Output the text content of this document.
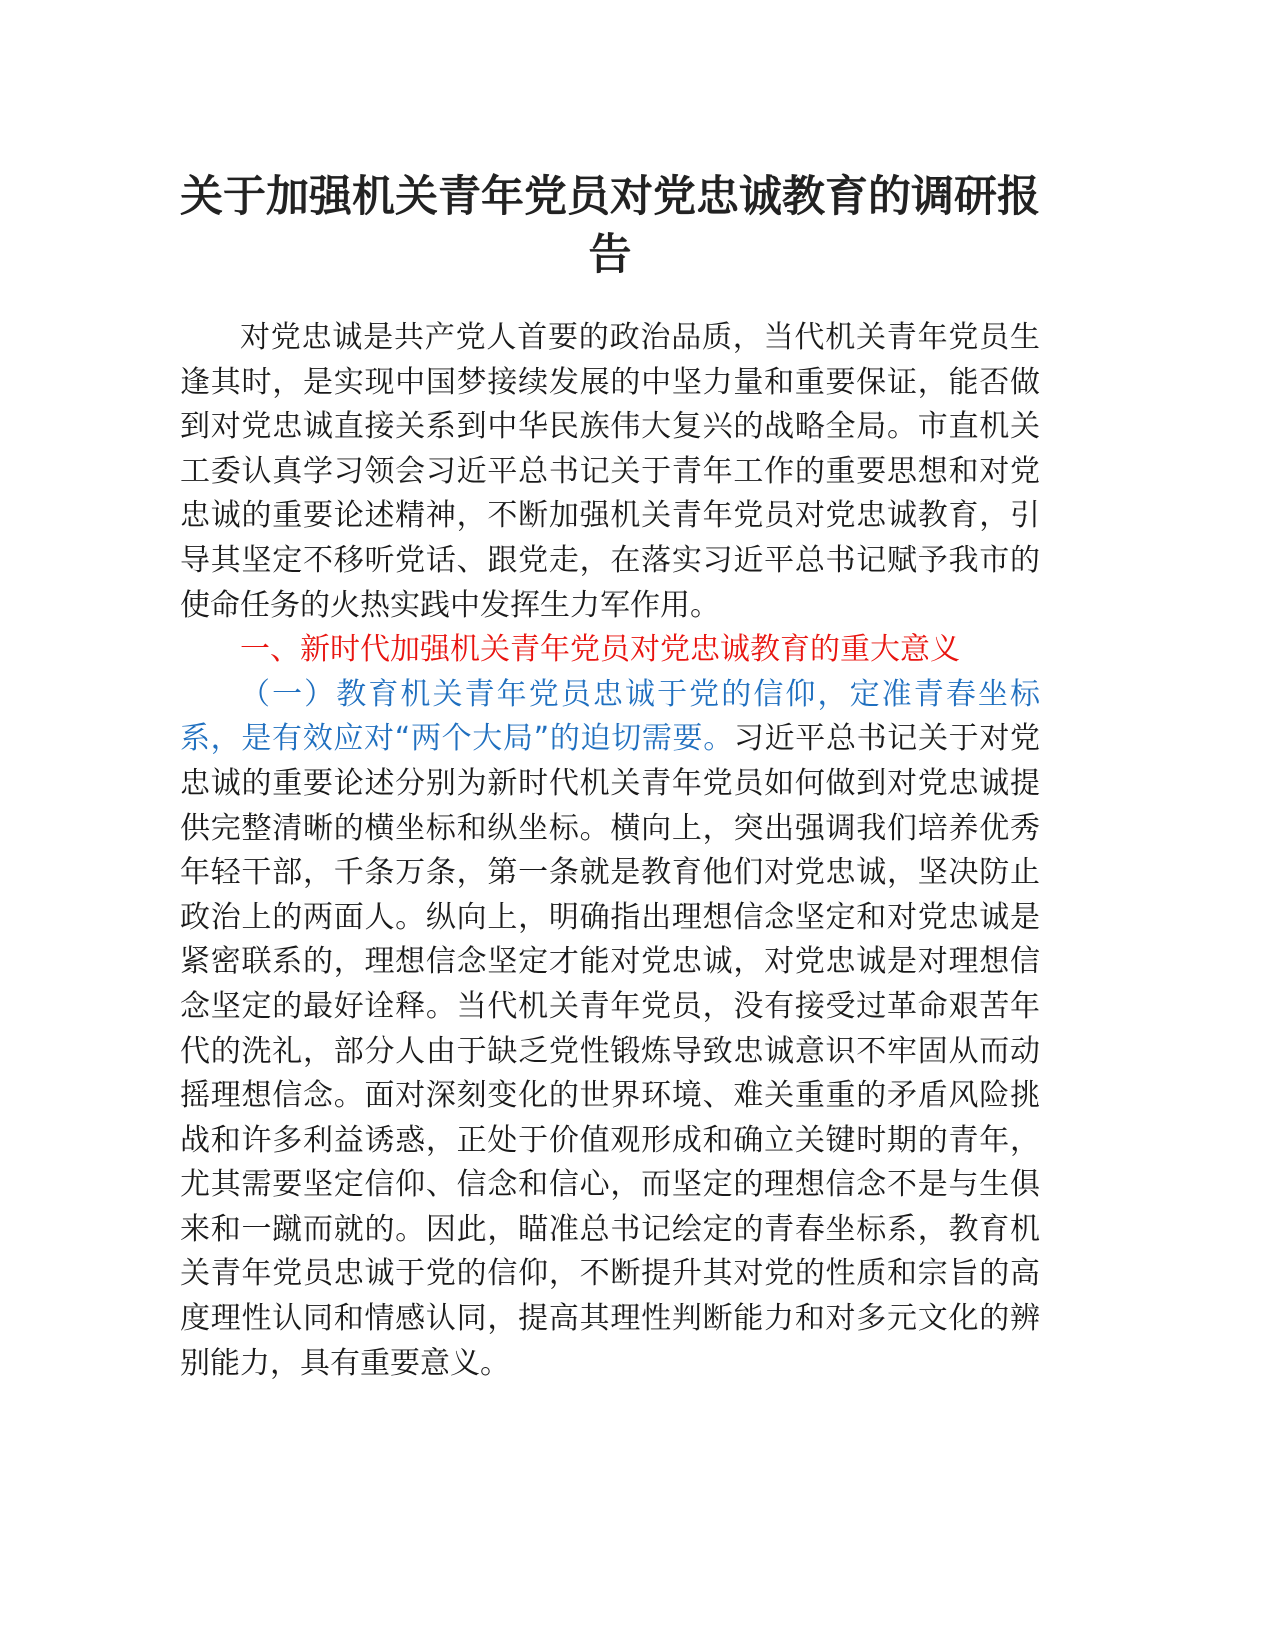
关于加强机关青年党员对党忠诚教育的调研报告

对党忠诚是共产党人首要的政治品质，当代机关青年党员生逢其时，是实现中国梦接续发展的中坚力量和重要保证，能否做到对党忠诚直接关系到中华民族伟大复兴的战略全局。市直机关工委认真学习领会习近平总书记关于青年工作的重要思想和对党忠诚的重要论述精神，不断加强机关青年党员对党忠诚教育，引导其坚定不移听党话、跟党走，在落实习近平总书记赋予我市的使命任务的火热实践中发挥生力军作用。

一、新时代加强机关青年党员对党忠诚教育的重大意义

（一）教育机关青年党员忠诚于党的信仰，定准青春坐标系，是有效应对“两个大局”的迫切需要。习近平总书记关于对党忠诚的重要论述分别为新时代机关青年党员如何做到对党忠诚提供完整清晰的横坐标和纵坐标。横向上，突出强调我们培养优秀年轻干部，千条万条，第一条就是教育他们对党忠诚，坚决防止政治上的两面人。纵向上，明确指出理想信念坚定和对党忠诚是紧密联系的，理想信念坚定才能对党忠诚，对党忠诚是对理想信念坚定的最好诠释。当代机关青年党员，没有接受过革命艰苦年代的洗礼，部分人由于缺乏党性锻炼导致忠诚意识不牢固从而动摇理想信念。面对深刻变化的世界环境、难关重重的矛盾风险挑战和许多利益诱惑，正处于价值观形成和确立关键时期的青年，尤其需要坚定信仰、信念和信心，而坚定的理想信念不是与生俱来和一蹴而就的。因此，瞄准总书记绘定的青春坐标系，教育机关青年党员忠诚于党的信仰，不断提升其对党的性质和宗旨的高度理性认同和情感认同，提高其理性判断能力和对多元文化的辨别能力，具有重要意义。
